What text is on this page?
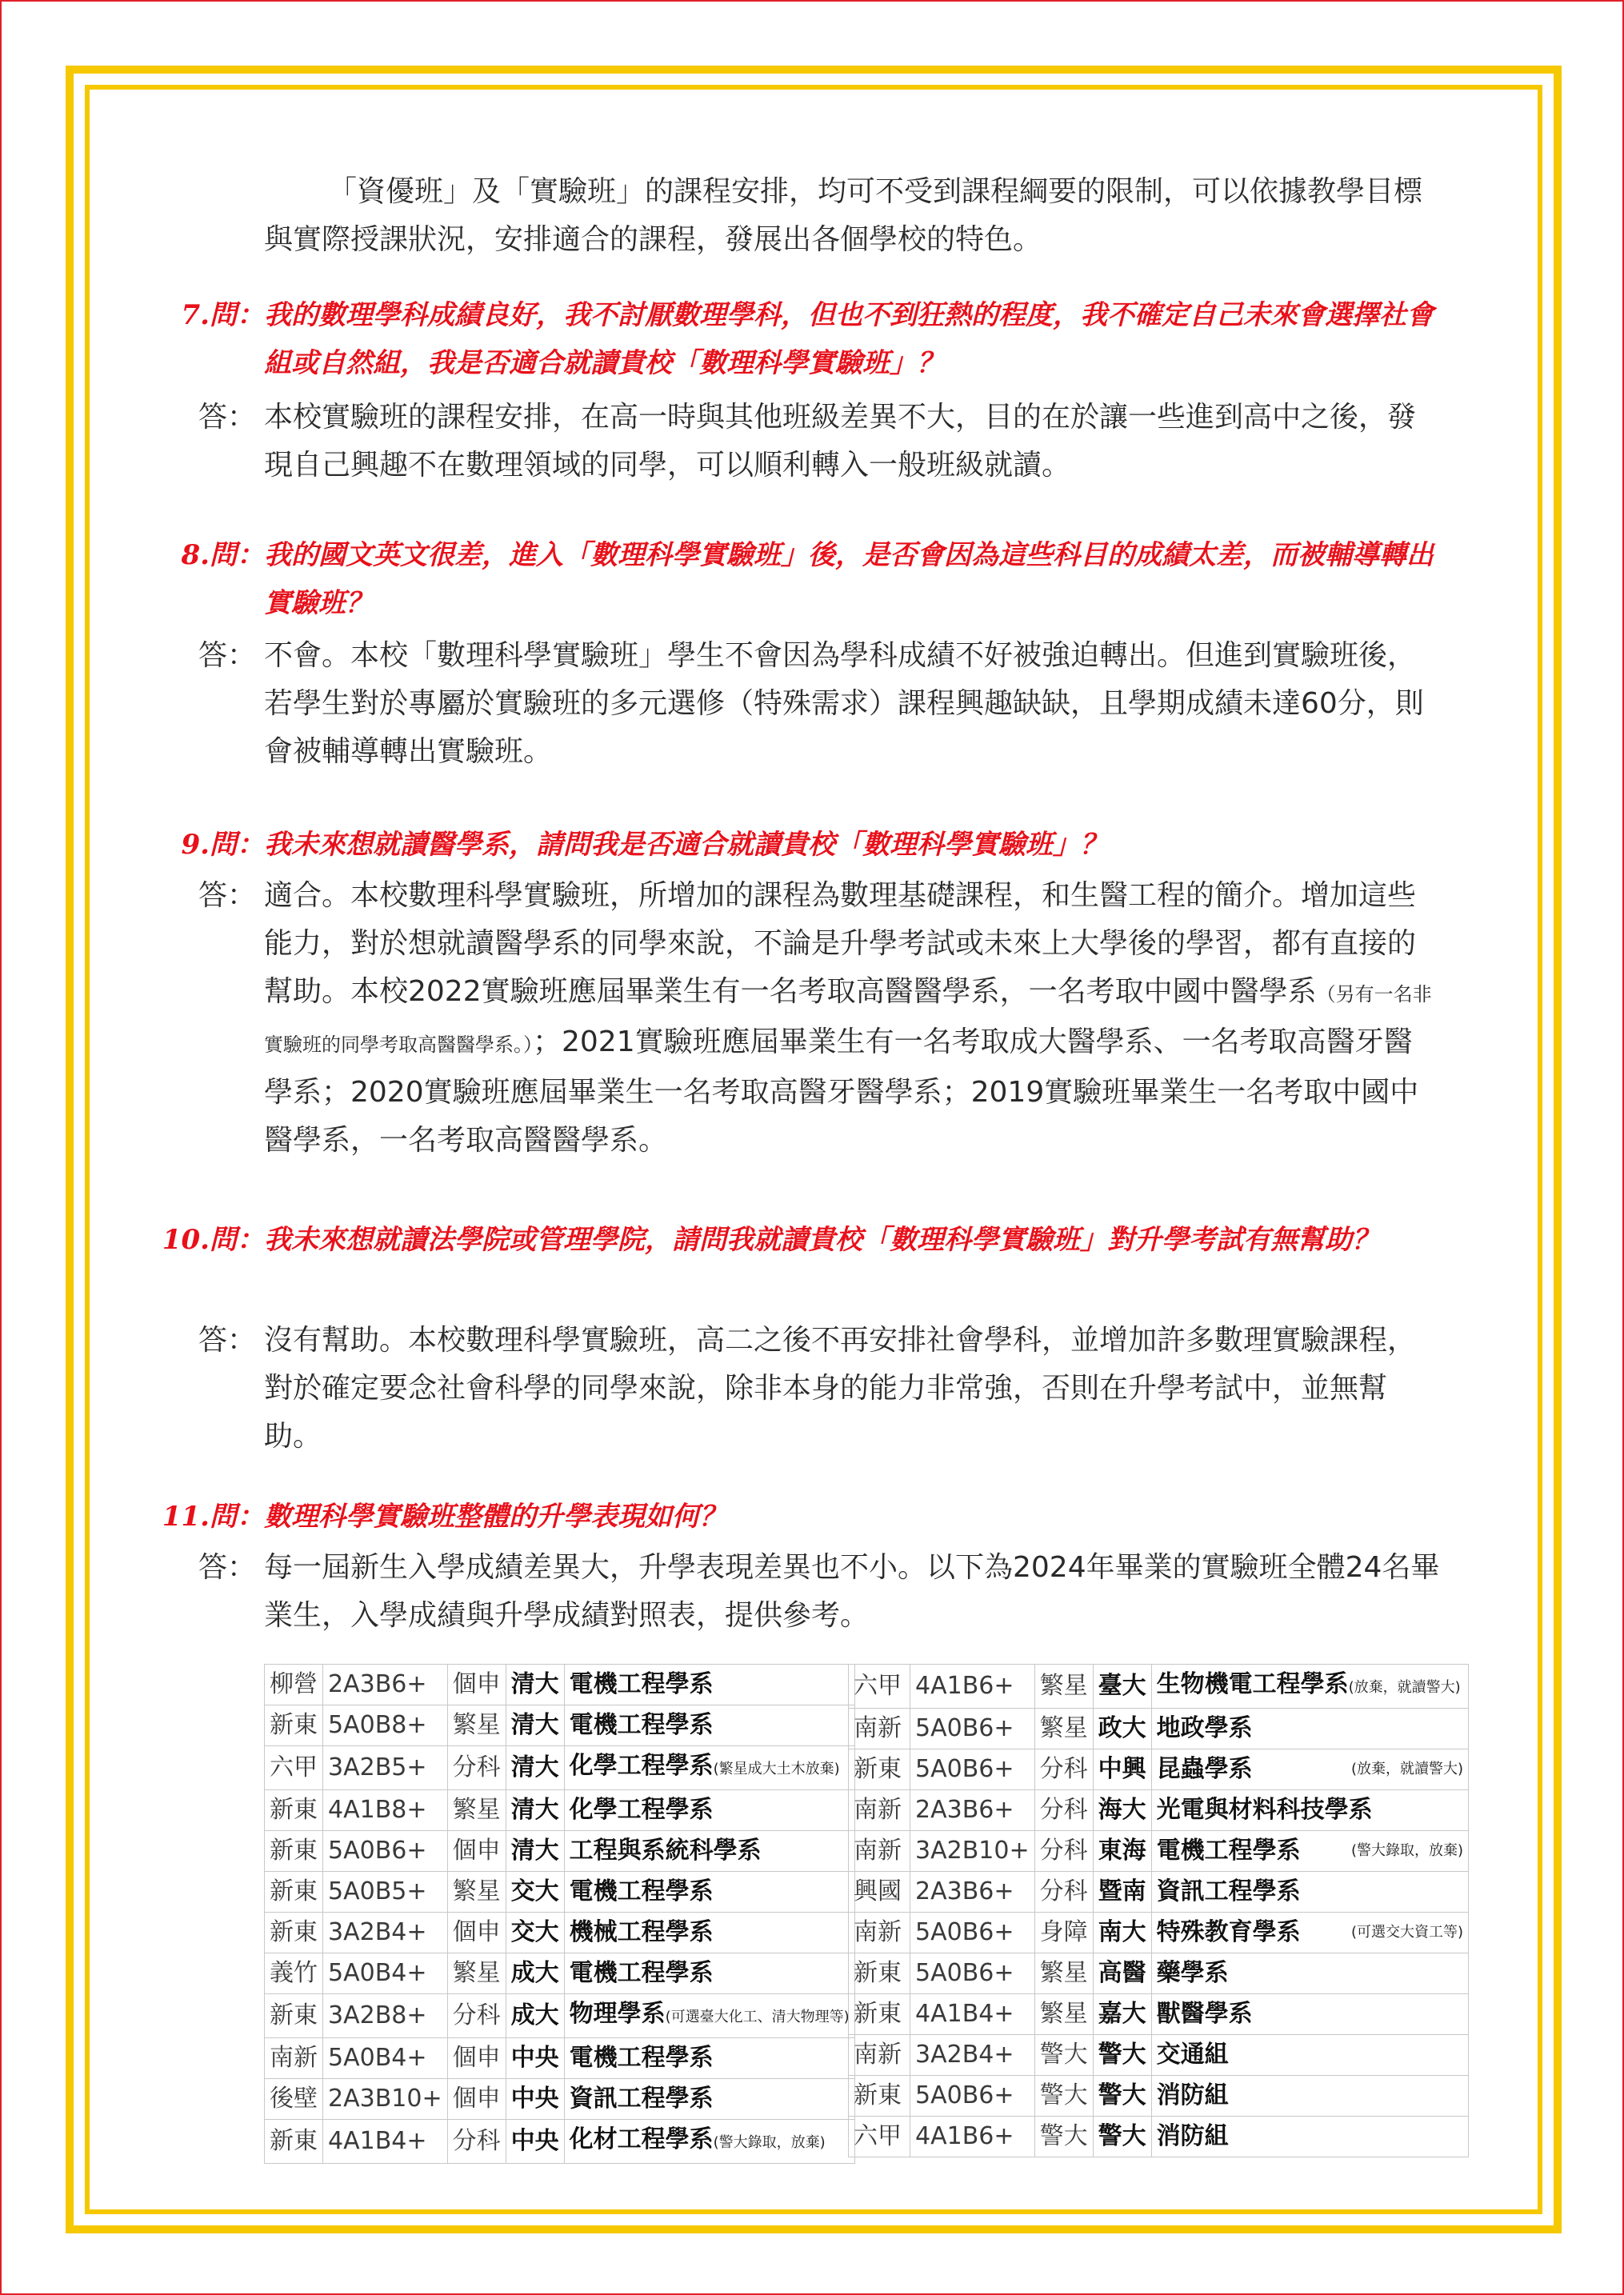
「資優班」及「實驗班」的課程安排，均可不受到課程綱要的限制，可以依據教學目標與實際授課狀況，安排適合的課程，發展出各個學校的特色。
7.問： 我的數理學科成績良好，我不討厭數理學科，但也不到狂熱的程度，我不確定自己未來會選擇社會組或自然組，我是否適合就讀貴校「數理科學實驗班」？
答： 本校實驗班的課程安排，在高一時與其他班級差異不大，目的在於讓一些進到高中之後，發現自己興趣不在數理領域的同學，可以順利轉入一般班級就讀。
8.問： 我的國文英文很差，進入「數理科學實驗班」後，是否會因為這些科目的成績太差，而被輔導轉出實驗班？
答： 不會。本校「數理科學實驗班」學生不會因為學科成績不好被強迫轉出。但進到實驗班後，若學生對於專屬於實驗班的多元選修（特殊需求）課程興趣缺缺，且學期成績未達60分，則會被輔導轉出實驗班。
9.問： 我未來想就讀醫學系，請問我是否適合就讀貴校「數理科學實驗班」？
答： 適合。本校數理科學實驗班，所增加的課程為數理基礎課程，和生醫工程的簡介。增加這些能力，對於想就讀醫學系的同學來說，不論是升學考試或未來上大學後的學習，都有直接的幫助。本校2022實驗班應屆畢業生有一名考取高醫醫學系，一名考取中國中醫學系（另有一名非實驗班的同學考取高醫醫學系。）；2021實驗班應屆畢業生有一名考取成大醫學系、一名考取高醫牙醫學系；2020實驗班應屆畢業生一名考取高醫牙醫學系；2019實驗班畢業生一名考取中國中醫學系，一名考取高醫醫學系。
10.問： 我未來想就讀法學院或管理學院，請問我就讀貴校「數理科學實驗班」對升學考試有無幫助？
答： 沒有幫助。本校數理科學實驗班，高二之後不再安排社會學科，並增加許多數理實驗課程，對於確定要念社會科學的同學來說，除非本身的能力非常強，否則在升學考試中，並無幫助。
11.問： 數理科學實驗班整體的升學表現如何？
答： 每一屆新生入學成績差異大，升學表現差異也不小。以下為2024年畢業的實驗班全體24名畢業生，入學成績與升學成績對照表，提供參考。
柳營	2A3B6+	個申	清大	電機工程學系
新東	5A0B8+	繁星	清大	電機工程學系
六甲	3A2B5+	分科	清大	化學工程學系(繁星成大土木放棄)
新東	4A1B8+	繁星	清大	化學工程學系
新東	5A0B6+	個申	清大	工程與系統科學系
新東	5A0B5+	繁星	交大	電機工程學系
新東	3A2B4+	個申	交大	機械工程學系
義竹	5A0B4+	繁星	成大	電機工程學系
新東	3A2B8+	分科	成大	物理學系(可選臺大化工、清大物理等)
南新	5A0B4+	個申	中央	電機工程學系
後壁	2A3B10+	個申	中央	資訊工程學系
新東	4A1B4+	分科	中央	化材工程學系(警大錄取，放棄)
六甲	4A1B6+	繁星	臺大	生物機電工程學系(放棄，就讀警大)
南新	5A0B6+	繁星	政大	地政學系
新東	5A0B6+	分科	中興	昆蟲學系 (放棄，就讀警大)

南新	2A3B6+	分科	海大	光電與材料科技學系
南新	3A2B10+	分科	東海	電機工程學系 (警大錄取，放棄)

興國	2A3B6+	分科	暨南	資訊工程學系
南新	5A0B6+	身障	南大	特殊教育學系 (可選交大資工等)

新東	5A0B6+	繁星	高醫	藥學系
新東	4A1B4+	繁星	嘉大	獸醫學系
南新	3A2B4+	警大	警大	交通組
新東	5A0B6+	警大	警大	消防組
六甲	4A1B6+	警大	警大	消防組
